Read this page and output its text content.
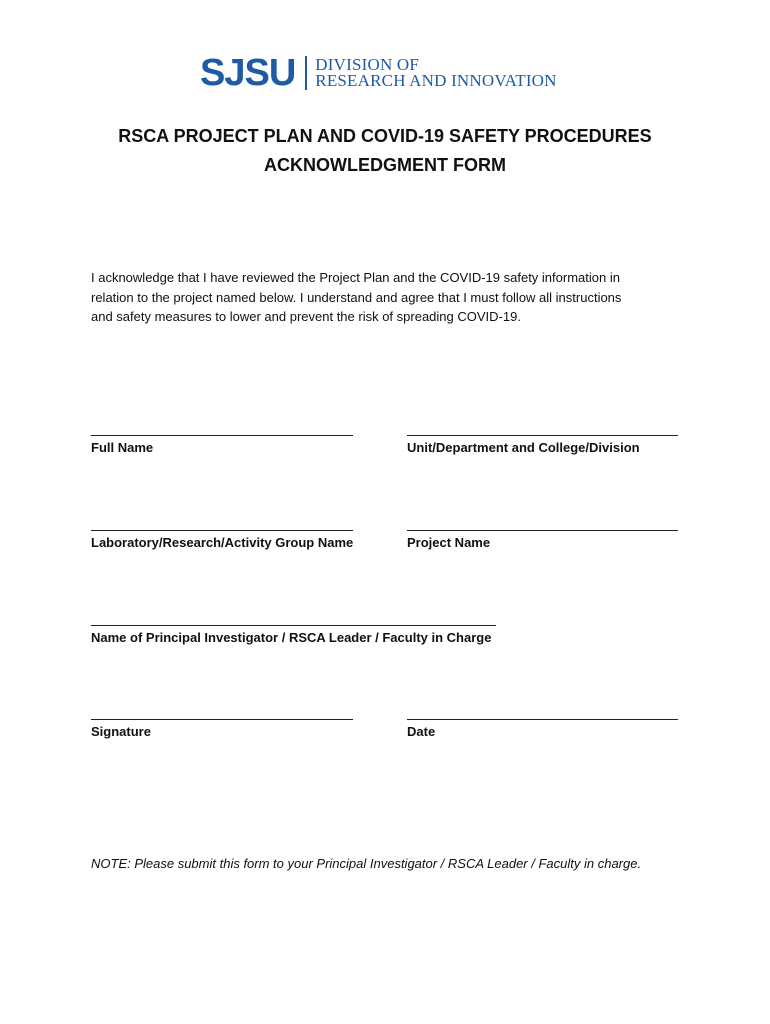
SJSU DIVISION OF
RESEARCH AND INNOVATION
RSCA PROJECT PLAN AND COVID-19 SAFETY PROCEDURES
ACKNOWLEDGMENT FORM
I acknowledge that I have reviewed the Project Plan and the COVID-19 safety information in
relation to the project named below. I understand and agree that I must follow all instructions
and safety measures to lower and prevent the risk of spreading COVID-19.
Full Name	Unit/Department and College/Division
Laboratory/Research/Activity Group Name	Project Name
Name of Principal Investigator / RSCA Leader / Faculty in Charge
Signature	Date
NOTE: Please submit this form to your Principal Investigator / RSCA Leader / Faculty in charge.
